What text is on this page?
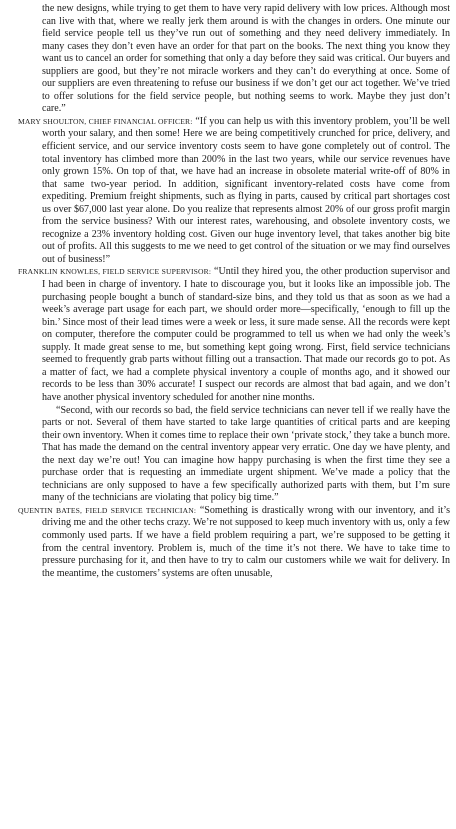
the new designs, while trying to get them to have very rapid delivery with low prices. Although most can live with that, where we really jerk them around is with the changes in orders. One minute our field service people tell us they’ve run out of something and they need delivery immediately. In many cases they don’t even have an order for that part on the books. The next thing you know they want us to cancel an order for something that only a day before they said was critical. Our buyers and suppliers are good, but they’re not miracle workers and they can’t do everything at once. Some of our suppliers are even threatening to refuse our business if we don’t get our act together. We’ve tried to offer solutions for the field service people, but nothing seems to work. Maybe they just don’t care.”

MARY SHOULTON, CHIEF FINANCIAL OFFICER: “If you can help us with this inventory problem, you’ll be well worth your salary, and then some! Here we are being competitively crunched for price, delivery, and efficient service, and our service inventory costs seem to have gone completely out of control. The total inventory has climbed more than 200% in the last two years, while our service revenues have only grown 15%. On top of that, we have had an increase in obsolete material write-off of 80% in that same two-year period. In addition, significant inventory-related costs have come from expediting. Premium freight shipments, such as flying in parts, caused by critical part shortages cost us over $67,000 last year alone. Do you realize that represents almost 20% of our gross profit margin from the service business? With our interest rates, warehousing, and obsolete inventory costs, we recognize a 23% inventory holding cost. Given our huge inventory level, that takes another big bite out of profits. All this suggests to me we need to get control of the situation or we may find ourselves out of business!”

FRANKLIN KNOWLES, FIELD SERVICE SUPERVISOR: “Until they hired you, the other production supervisor and I had been in charge of inventory. I hate to discourage you, but it looks like an impossible job. The purchasing people bought a bunch of standard-size bins, and they told us that as soon as we had a week’s average part usage for each part, we should order more—specifically, ‘enough to fill up the bin.’ Since most of their lead times were a week or less, it sure made sense. All the records were kept on computer, therefore the computer could be programmed to tell us when we had only the week’s supply. It made great sense to me, but something kept going wrong. First, field service technicians seemed to frequently grab parts without filling out a transaction. That made our records go to pot. As a matter of fact, we had a complete physical inventory a couple of months ago, and it showed our records to be less than 30% accurate! I suspect our records are almost that bad again, and we don’t have another physical inventory scheduled for another nine months.

“Second, with our records so bad, the field service technicians can never tell if we really have the parts or not. Several of them have started to take large quantities of critical parts and are keeping their own inventory. When it comes time to replace their own ‘private stock,’ they take a bunch more. That has made the demand on the central inventory appear very erratic. One day we have plenty, and the next day we’re out! You can imagine how happy purchasing is when the first time they see a purchase order that is requesting an immediate urgent shipment. We’ve made a policy that the technicians are only supposed to have a few specifically authorized parts with them, but I’m sure many of the technicians are violating that policy big time.”

QUENTIN BATES, FIELD SERVICE TECHNICIAN: “Something is drastically wrong with our inventory, and it’s driving me and the other techs crazy. We’re not supposed to keep much inventory with us, only a few commonly used parts. If we have a field problem requiring a part, we’re supposed to be getting it from the central inventory. Problem is, much of the time it’s not there. We have to take time to pressure purchasing for it, and then have to try to calm our customers while we wait for delivery. In the meantime, the customers’ systems are often unusable,
